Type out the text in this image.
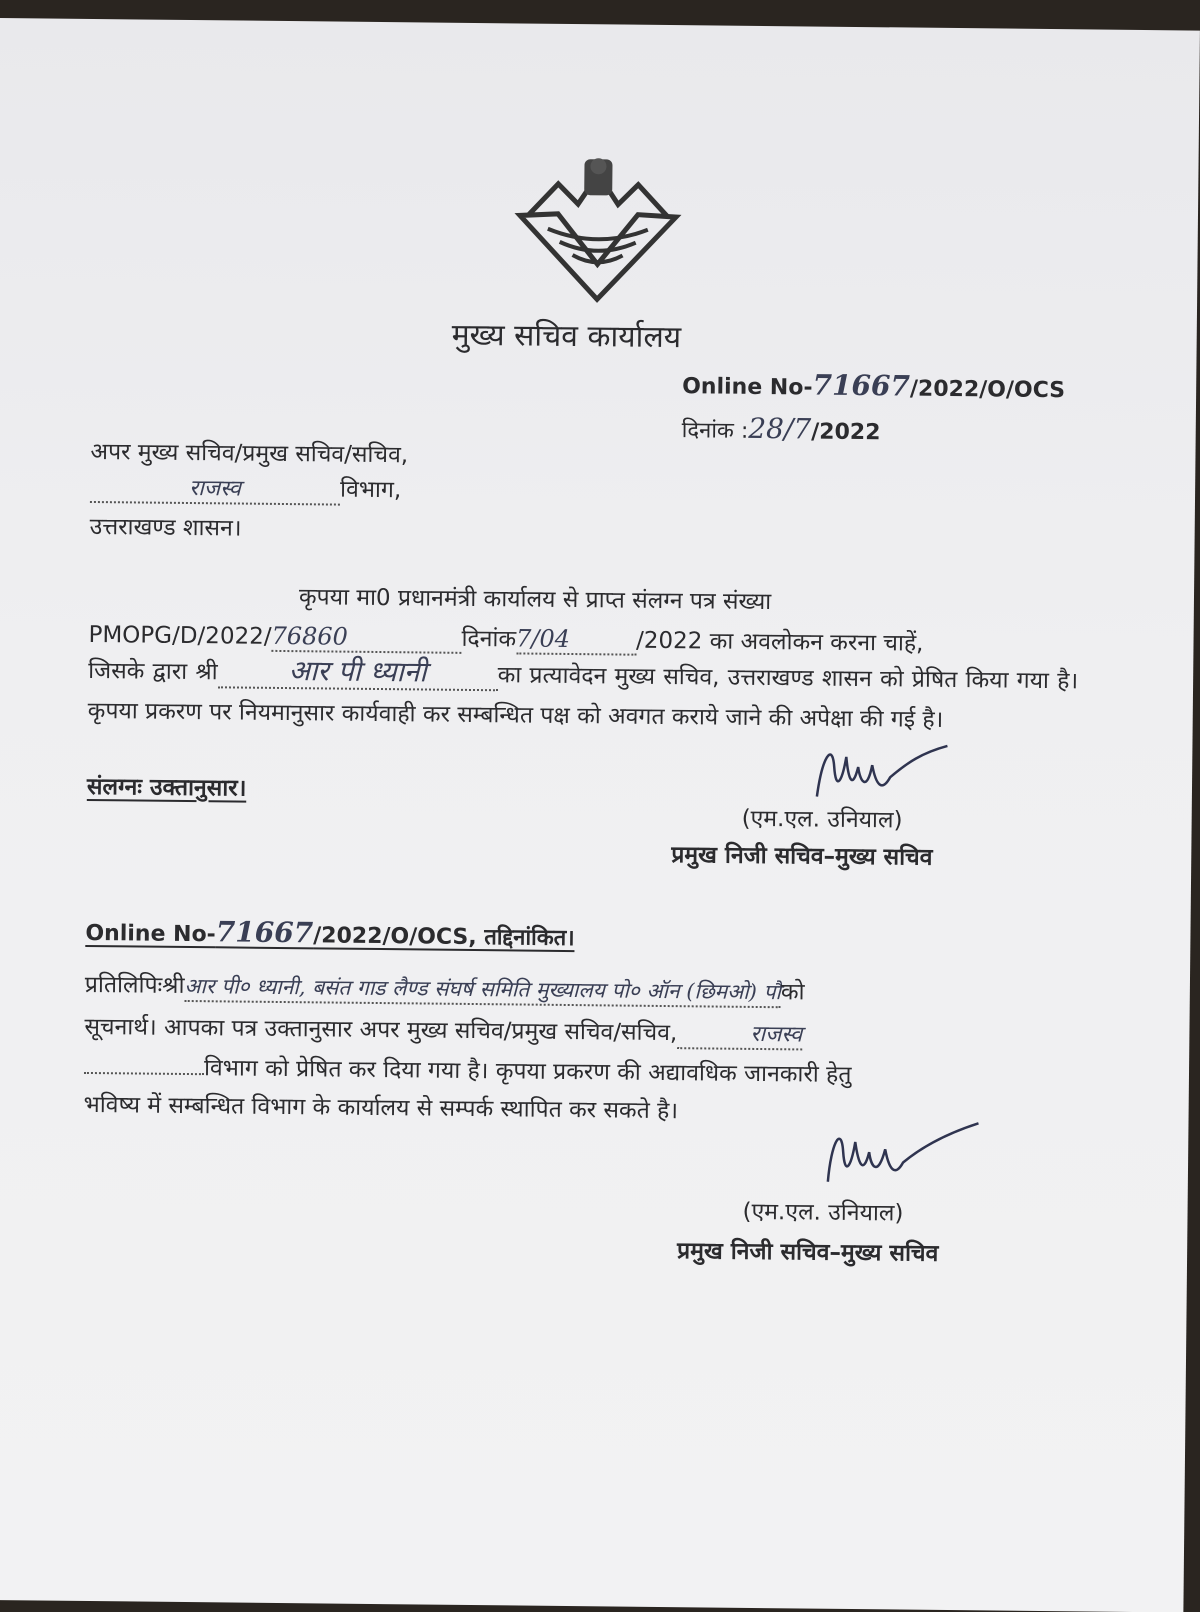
मुख्य सचिव कार्यालय
Online No-71667/2022/O/OCS
दिनांक :28/7/2022
अपर मुख्य सचिव/प्रमुख सचिव/सचिव,
राजस्व	विभाग,
उत्तराखण्ड शासन।
कृपया मा0 प्रधानमंत्री कार्यालय से प्राप्त संलग्न पत्र संख्या
PMOPG/D/2022/76860	दिनांक7/04	/2022 का अवलोकन करना चाहें,
जिसके द्वारा श्री	आर पी ध्यानी	का प्रत्यावेदन मुख्य सचिव, उत्तराखण्ड शासन को प्रेषित किया गया है। कृपया प्रकरण पर नियमानुसार कार्यवाही कर सम्बन्धित पक्ष को अवगत कराये जाने की अपेक्षा की गई है।
संलग्नः उक्तानुसार।
(एम.एल. उनियाल)
प्रमुख निजी सचिव–मुख्य सचिव
Online No-71667/2022/O/OCS, तद्दिनांकित।
प्रतिलिपिःश्रीआर पी० ध्यानी, बसंत गाड लैण्ड संघर्ष समिति मुख्यालय पो० ऑन (छिमओ) पौको
सूचनार्थ। आपका पत्र उक्तानुसार अपर मुख्य सचिव/प्रमुख सचिव/सचिव,	राजस्व
विभाग को प्रेषित कर दिया गया है। कृपया प्रकरण की अद्यावधिक जानकारी हेतु
भविष्य में सम्बन्धित विभाग के कार्यालय से सम्पर्क स्थापित कर सकते है।
(एम.एल. उनियाल)
प्रमुख निजी सचिव–मुख्य सचिव
